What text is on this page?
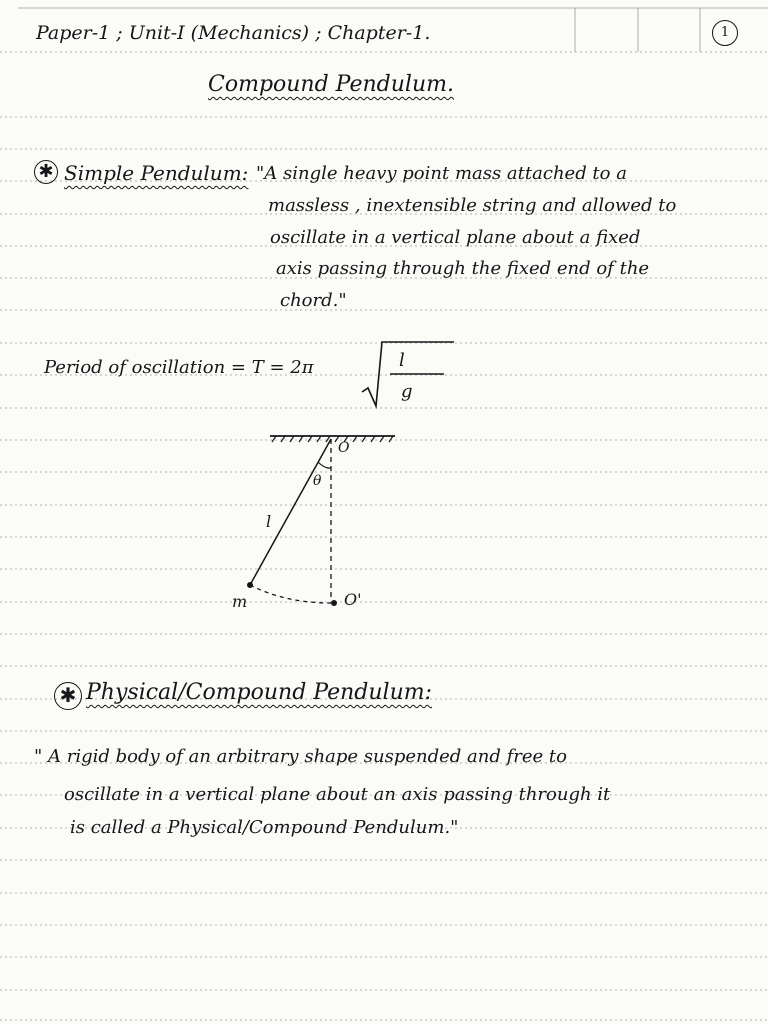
Paper-1 ; Unit-I (Mechanics) ; Chapter-1.	1
Compound Pendulum.
✱ Simple Pendulum: "A single heavy point mass attached to a
massless , inextensible string and allowed to
oscillate in a vertical plane about a fixed
axis passing through the fixed end of the
chord."
Period of oscillation = T = 2π	l
g
O
θ
l
m	O'
✱ Physical/Compound Pendulum:
" A rigid body of an arbitrary shape suspended and free to
oscillate in a vertical plane about an axis passing through it
is called a Physical/Compound Pendulum."
